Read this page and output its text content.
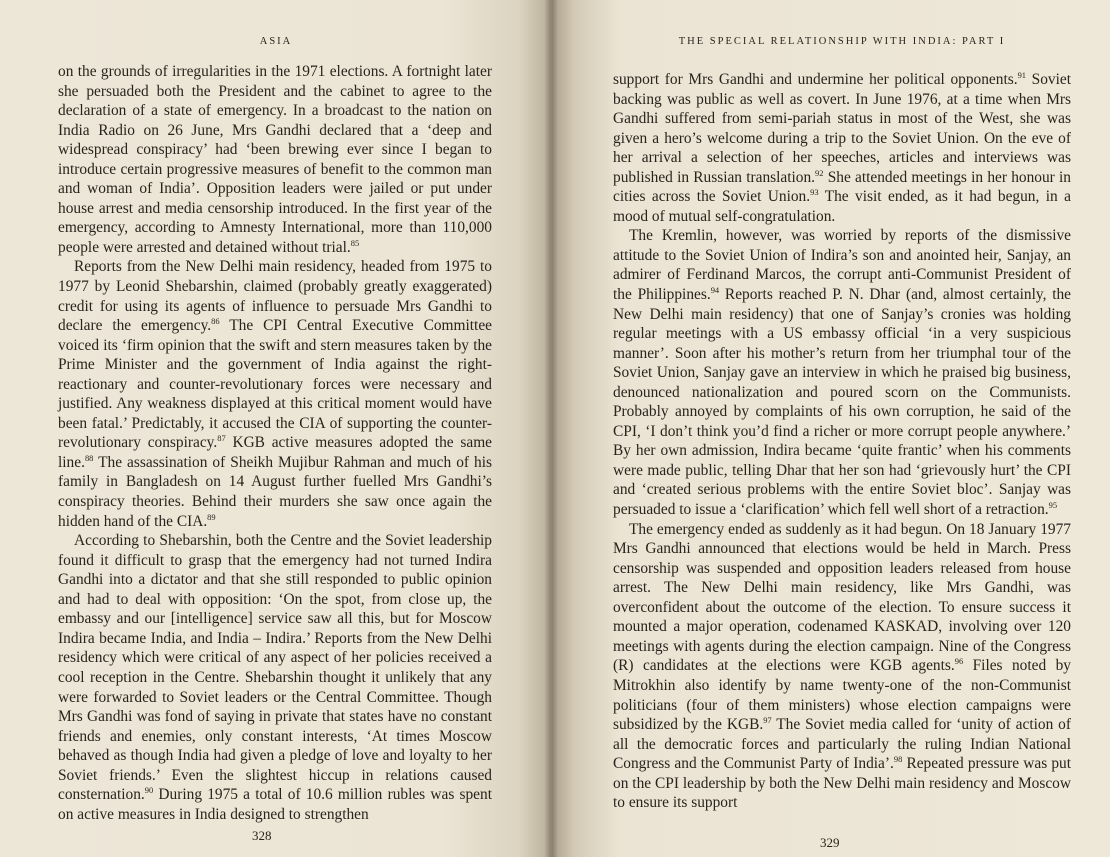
ASIA

on the grounds of irregularities in the 1971 elections. A fortnight later she persuaded both the President and the cabinet to agree to the declaration of a state of emergency. In a broadcast to the nation on India Radio on 26 June, Mrs Gandhi declared that a ‘deep and widespread conspiracy’ had ‘been brewing ever since I began to introduce certain progressive measures of benefit to the common man and woman of India’. Opposition leaders were jailed or put under house arrest and media censorship introduced. In the first year of the emergency, according to Amnesty International, more than 110,000 people were arrested and detained without trial.$^{85}$

Reports from the New Delhi main residency, headed from 1975 to 1977 by Leonid Shebarshin, claimed (probably greatly exaggerated) credit for using its agents of influence to persuade Mrs Gandhi to declare the emergency.$^{86}$ The CPI Central Executive Committee voiced its ‘firm opinion that the swift and stern measures taken by the Prime Minister and the government of India against the right-reactionary and counter-revolutionary forces were necessary and justified. Any weakness displayed at this critical moment would have been fatal.’ Predictably, it accused the CIA of supporting the counter-revolutionary conspiracy.$^{87}$ KGB active measures adopted the same line.$^{88}$ The assassination of Sheikh Mujibur Rahman and much of his family in Bangladesh on 14 August further fuelled Mrs Gandhi’s conspiracy theories. Behind their murders she saw once again the hidden hand of the CIA.$^{89}$

According to Shebarshin, both the Centre and the Soviet leadership found it difficult to grasp that the emergency had not turned Indira Gandhi into a dictator and that she still responded to public opinion and had to deal with opposition: ‘On the spot, from close up, the embassy and our [intelligence] service saw all this, but for Moscow Indira became India, and India – Indira.’ Reports from the New Delhi residency which were critical of any aspect of her policies received a cool reception in the Centre. Shebarshin thought it unlikely that any were forwarded to Soviet leaders or the Central Committee. Though Mrs Gandhi was fond of saying in private that states have no constant friends and enemies, only constant interests, ‘At times Moscow behaved as though India had given a pledge of love and loyalty to her Soviet friends.’ Even the slightest hiccup in relations caused consternation.$^{90}$ During 1975 a total of 10.6 million rubles was spent on active measures in India designed to strengthen

328
THE SPECIAL RELATIONSHIP WITH INDIA: PART I

support for Mrs Gandhi and undermine her political opponents.$^{91}$ Soviet backing was public as well as covert. In June 1976, at a time when Mrs Gandhi suffered from semi-pariah status in most of the West, she was given a hero’s welcome during a trip to the Soviet Union. On the eve of her arrival a selection of her speeches, articles and interviews was published in Russian translation.$^{92}$ She attended meetings in her honour in cities across the Soviet Union.$^{93}$ The visit ended, as it had begun, in a mood of mutual self-congratulation.

The Kremlin, however, was worried by reports of the dismissive attitude to the Soviet Union of Indira’s son and anointed heir, Sanjay, an admirer of Ferdinand Marcos, the corrupt anti-Communist President of the Philippines.$^{94}$ Reports reached P. N. Dhar (and, almost certainly, the New Delhi main residency) that one of Sanjay’s cronies was holding regular meetings with a US embassy official ‘in a very suspicious manner’. Soon after his mother’s return from her triumphal tour of the Soviet Union, Sanjay gave an interview in which he praised big business, denounced nationalization and poured scorn on the Communists. Probably annoyed by complaints of his own corruption, he said of the CPI, ‘I don’t think you’d find a richer or more corrupt people anywhere.’ By her own admission, Indira became ‘quite frantic’ when his comments were made public, telling Dhar that her son had ‘grievously hurt’ the CPI and ‘created serious problems with the entire Soviet bloc’. Sanjay was persuaded to issue a ‘clarification’ which fell well short of a retraction.$^{95}$

The emergency ended as suddenly as it had begun. On 18 January 1977 Mrs Gandhi announced that elections would be held in March. Press censorship was suspended and opposition leaders released from house arrest. The New Delhi main residency, like Mrs Gandhi, was overconfident about the outcome of the election. To ensure success it mounted a major operation, codenamed KASKAD, involving over 120 meetings with agents during the election campaign. Nine of the Congress (R) candidates at the elections were KGB agents.$^{96}$ Files noted by Mitrokhin also identify by name twenty-one of the non-Communist politicians (four of them ministers) whose election campaigns were subsidized by the KGB.$^{97}$ The Soviet media called for ‘unity of action of all the democratic forces and particularly the ruling Indian National Congress and the Communist Party of India’.$^{98}$ Repeated pressure was put on the CPI leadership by both the New Delhi main residency and Moscow to ensure its support

329
